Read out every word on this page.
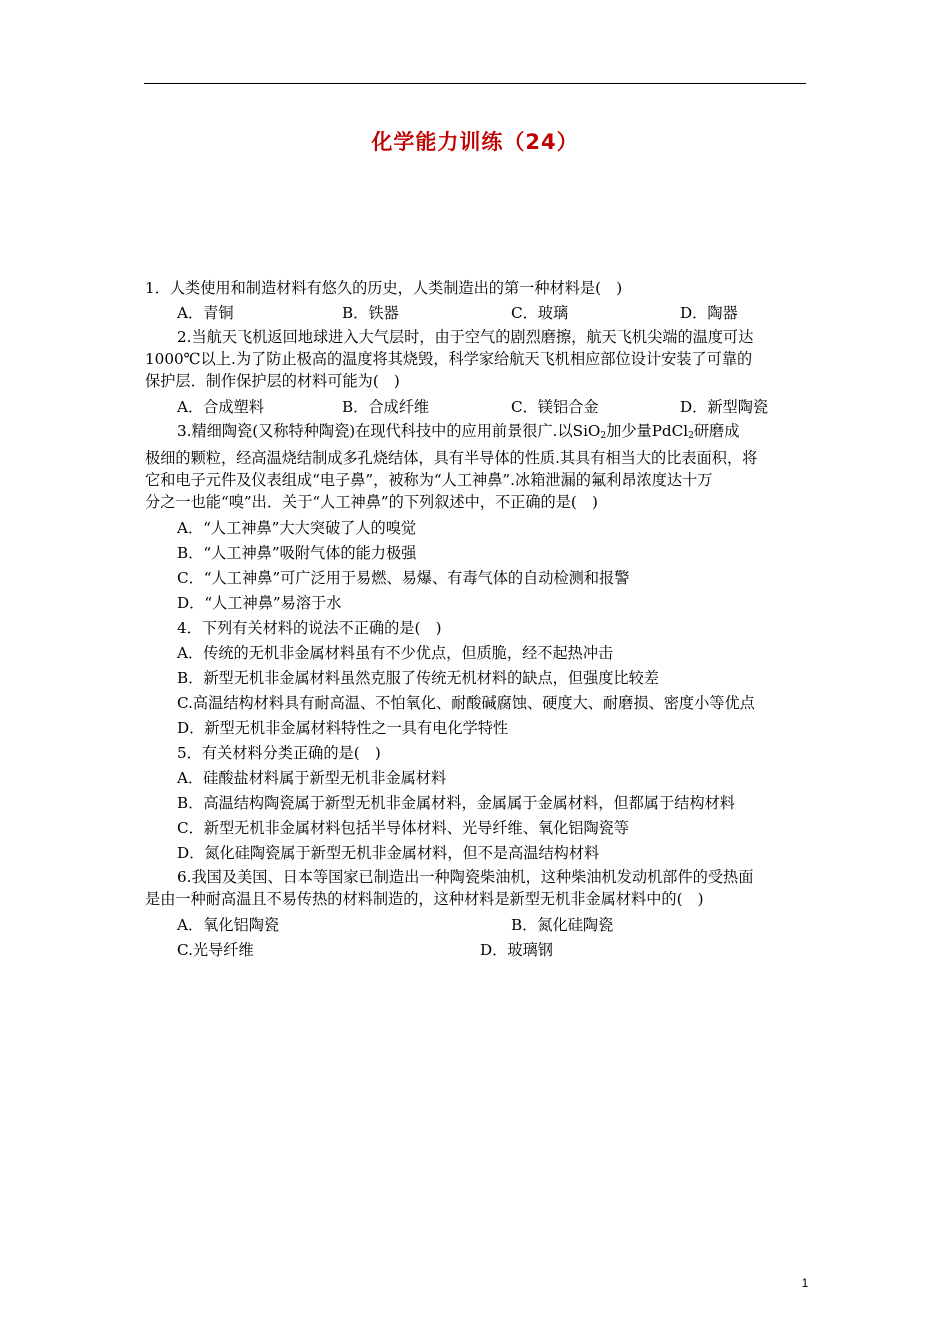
化学能力训练（24）
1．人类使用和制造材料有悠久的历史，人类制造出的第一种材料是(　)
A．青铜	B．铁器	C．玻璃	D．陶器
2.当航天飞机返回地球进入大气层时，由于空气的剧烈磨擦，航天飞机尖端的温度可达
1000℃以上.为了防止极高的温度将其烧毁，科学家给航天飞机相应部位设计安装了可靠的
保护层．制作保护层的材料可能为(　)
A．合成塑料	B．合成纤维	C．镁铝合金	D．新型陶瓷
3.精细陶瓷(又称特种陶瓷)在现代科技中的应用前景很广.以SiO$_2$加少量PdCl$_2$研磨成
极细的颗粒，经高温烧结制成多孔烧结体，具有半导体的性质.其具有相当大的比表面积，将
它和电子元件及仪表组成“电子鼻”，被称为“人工神鼻”.冰箱泄漏的氟利昂浓度达十万
分之一也能“嗅”出．关于“人工神鼻”的下列叙述中，不正确的是(　)
A．“人工神鼻”大大突破了人的嗅觉
B．“人工神鼻”吸附气体的能力极强
C．“人工神鼻”可广泛用于易燃、易爆、有毒气体的自动检测和报警
D．“人工神鼻”易溶于水
4．下列有关材料的说法不正确的是(　)
A．传统的无机非金属材料虽有不少优点，但质脆，经不起热冲击
B．新型无机非金属材料虽然克服了传统无机材料的缺点，但强度比较差
C.高温结构材料具有耐高温、不怕氧化、耐酸碱腐蚀、硬度大、耐磨损、密度小等优点
D．新型无机非金属材料特性之一具有电化学特性
5．有关材料分类正确的是(　)
A．硅酸盐材料属于新型无机非金属材料
B．高温结构陶瓷属于新型无机非金属材料，金属属于金属材料，但都属于结构材料
C．新型无机非金属材料包括半导体材料、光导纤维、氧化铝陶瓷等
D．氮化硅陶瓷属于新型无机非金属材料，但不是高温结构材料
6.我国及美国、日本等国家已制造出一种陶瓷柴油机，这种柴油机发动机部件的受热面
是由一种耐高温且不易传热的材料制造的，这种材料是新型无机非金属材料中的(　)
A．氧化铝陶瓷	B．氮化硅陶瓷
C.光导纤维	D．玻璃钢
1
